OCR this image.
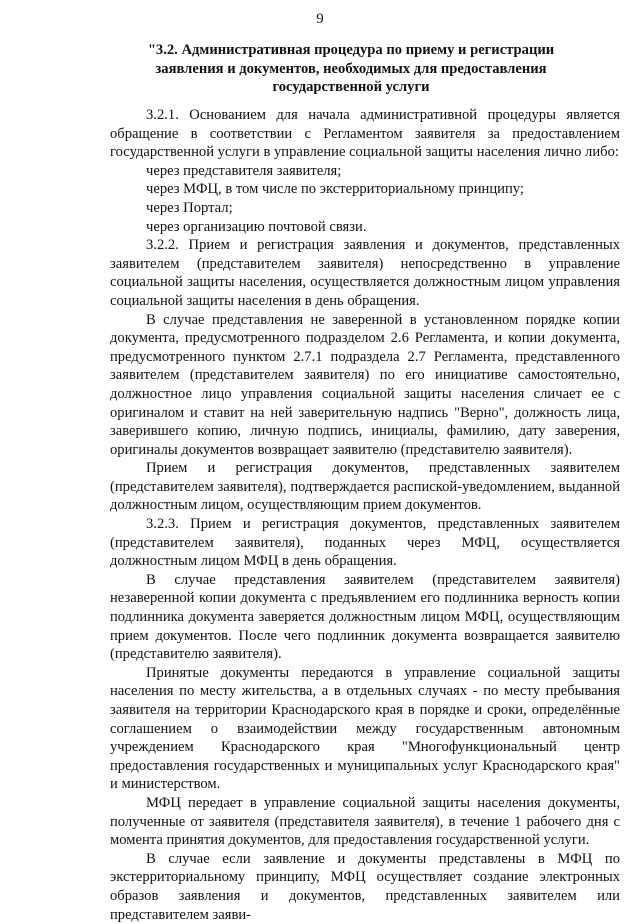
9
"3.2. Административная процедура по приему и регистрации заявления и документов, необходимых для предоставления государственной услуги

3.2.1. Основанием для начала административной процедуры является обращение в соответствии с Регламентом заявителя за предоставлением государственной услуги в управление социальной защиты населения лично либо:

через представителя заявителя;

через МФЦ, в том числе по экстерриториальному принципу;

через Портал;

через организацию почтовой связи.

3.2.2. Прием и регистрация заявления и документов, представленных заявителем (представителем заявителя) непосредственно в управление социальной защиты населения, осуществляется должностным лицом управления социальной защиты населения в день обращения.

В случае представления не заверенной в установленном порядке копии документа, предусмотренного подразделом 2.6 Регламента, и копии документа, предусмотренного пунктом 2.7.1 подраздела 2.7 Регламента, представленного заявителем (представителем заявителя) по его инициативе самостоятельно, должностное лицо управления социальной защиты населения сличает ее с оригиналом и ставит на ней заверительную надпись "Верно", должность лица, заверившего копию, личную подпись, инициалы, фамилию, дату заверения, оригиналы документов возвращает заявителю (представителю заявителя).

Прием и регистрация документов, представленных заявителем (представителем заявителя), подтверждается распиской-уведомлением, выданной должностным лицом, осуществляющим прием документов.

3.2.3. Прием и регистрация документов, представленных заявителем (представителем заявителя), поданных через МФЦ, осуществляется должностным лицом МФЦ в день обращения.

В случае представления заявителем (представителем заявителя) незаверенной копии документа с предъявлением его подлинника верность копии подлинника документа заверяется должностным лицом МФЦ, осуществляющим прием документов. После чего подлинник документа возвращается заявителю (представителю заявителя).

Принятые документы передаются в управление социальной защиты населения по месту жительства, а в отдельных случаях - по месту пребывания заявителя на территории Краснодарского края в порядке и сроки, определённые соглашением о взаимодействии между государственным автономным учреждением Краснодарского края "Многофункциональный центр предоставления государственных и муниципальных услуг Краснодарского края" и министерством.

МФЦ передает в управление социальной защиты населения документы, полученные от заявителя (представителя заявителя), в течение 1 рабочего дня с момента принятия документов, для предоставления государственной услуги.

В случае если заявление и документы представлены в МФЦ по экстерриториальному принципу, МФЦ осуществляет создание электронных образов заявления и документов, представленных заявителем или представителем заяви-
